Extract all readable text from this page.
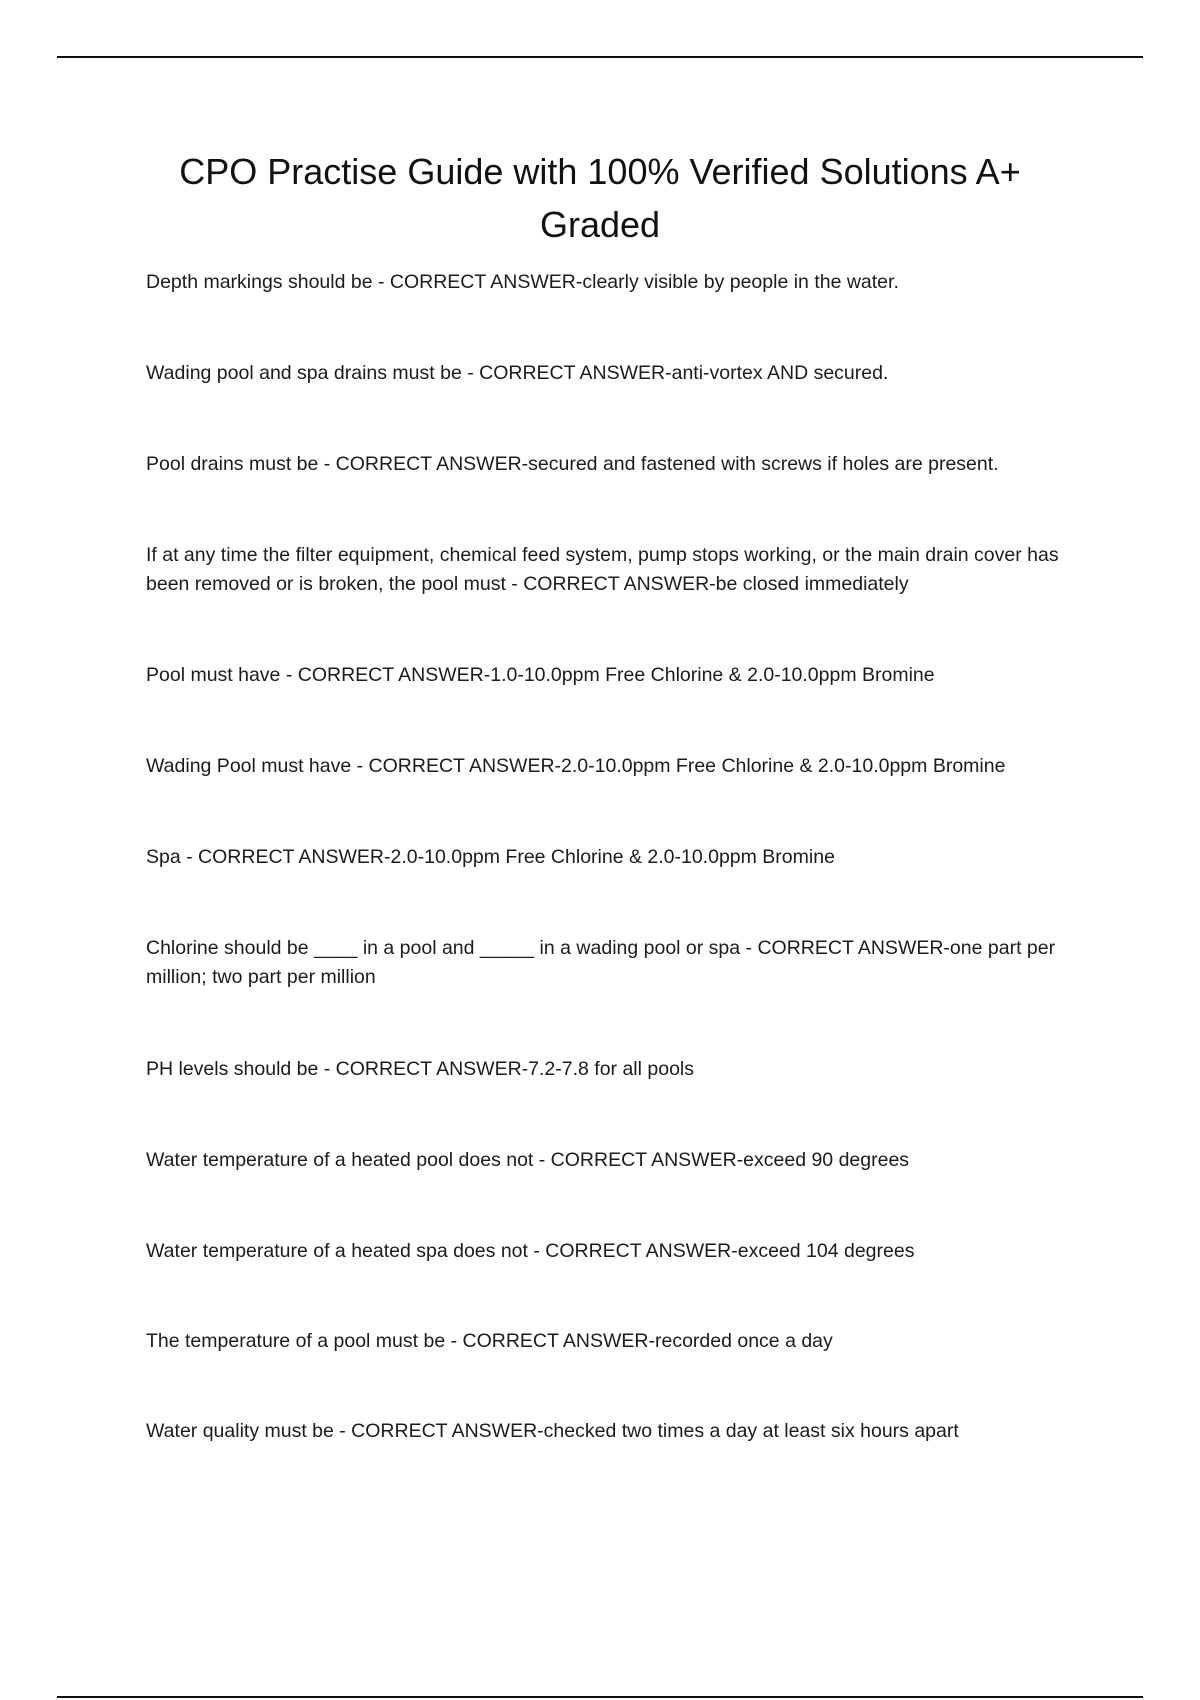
CPO Practise Guide with 100% Verified Solutions A+ Graded
Depth markings should be - CORRECT ANSWER-clearly visible by people in the water.
Wading pool and spa drains must be - CORRECT ANSWER-anti-vortex AND secured.
Pool drains must be - CORRECT ANSWER-secured and fastened with screws if holes are present.
If at any time the filter equipment, chemical feed system, pump stops working, or the main drain cover has been removed or is broken, the pool must - CORRECT ANSWER-be closed immediately
Pool must have - CORRECT ANSWER-1.0-10.0ppm Free Chlorine & 2.0-10.0ppm Bromine
Wading Pool must have - CORRECT ANSWER-2.0-10.0ppm Free Chlorine & 2.0-10.0ppm Bromine
Spa - CORRECT ANSWER-2.0-10.0ppm Free Chlorine & 2.0-10.0ppm Bromine
Chlorine should be ____ in a pool and _____ in a wading pool or spa - CORRECT ANSWER-one part per million; two part per million
PH levels should be - CORRECT ANSWER-7.2-7.8 for all pools
Water temperature of a heated pool does not - CORRECT ANSWER-exceed 90 degrees
Water temperature of a heated spa does not - CORRECT ANSWER-exceed 104 degrees
The temperature of a pool must be - CORRECT ANSWER-recorded once a day
Water quality must be - CORRECT ANSWER-checked two times a day at least six hours apart
